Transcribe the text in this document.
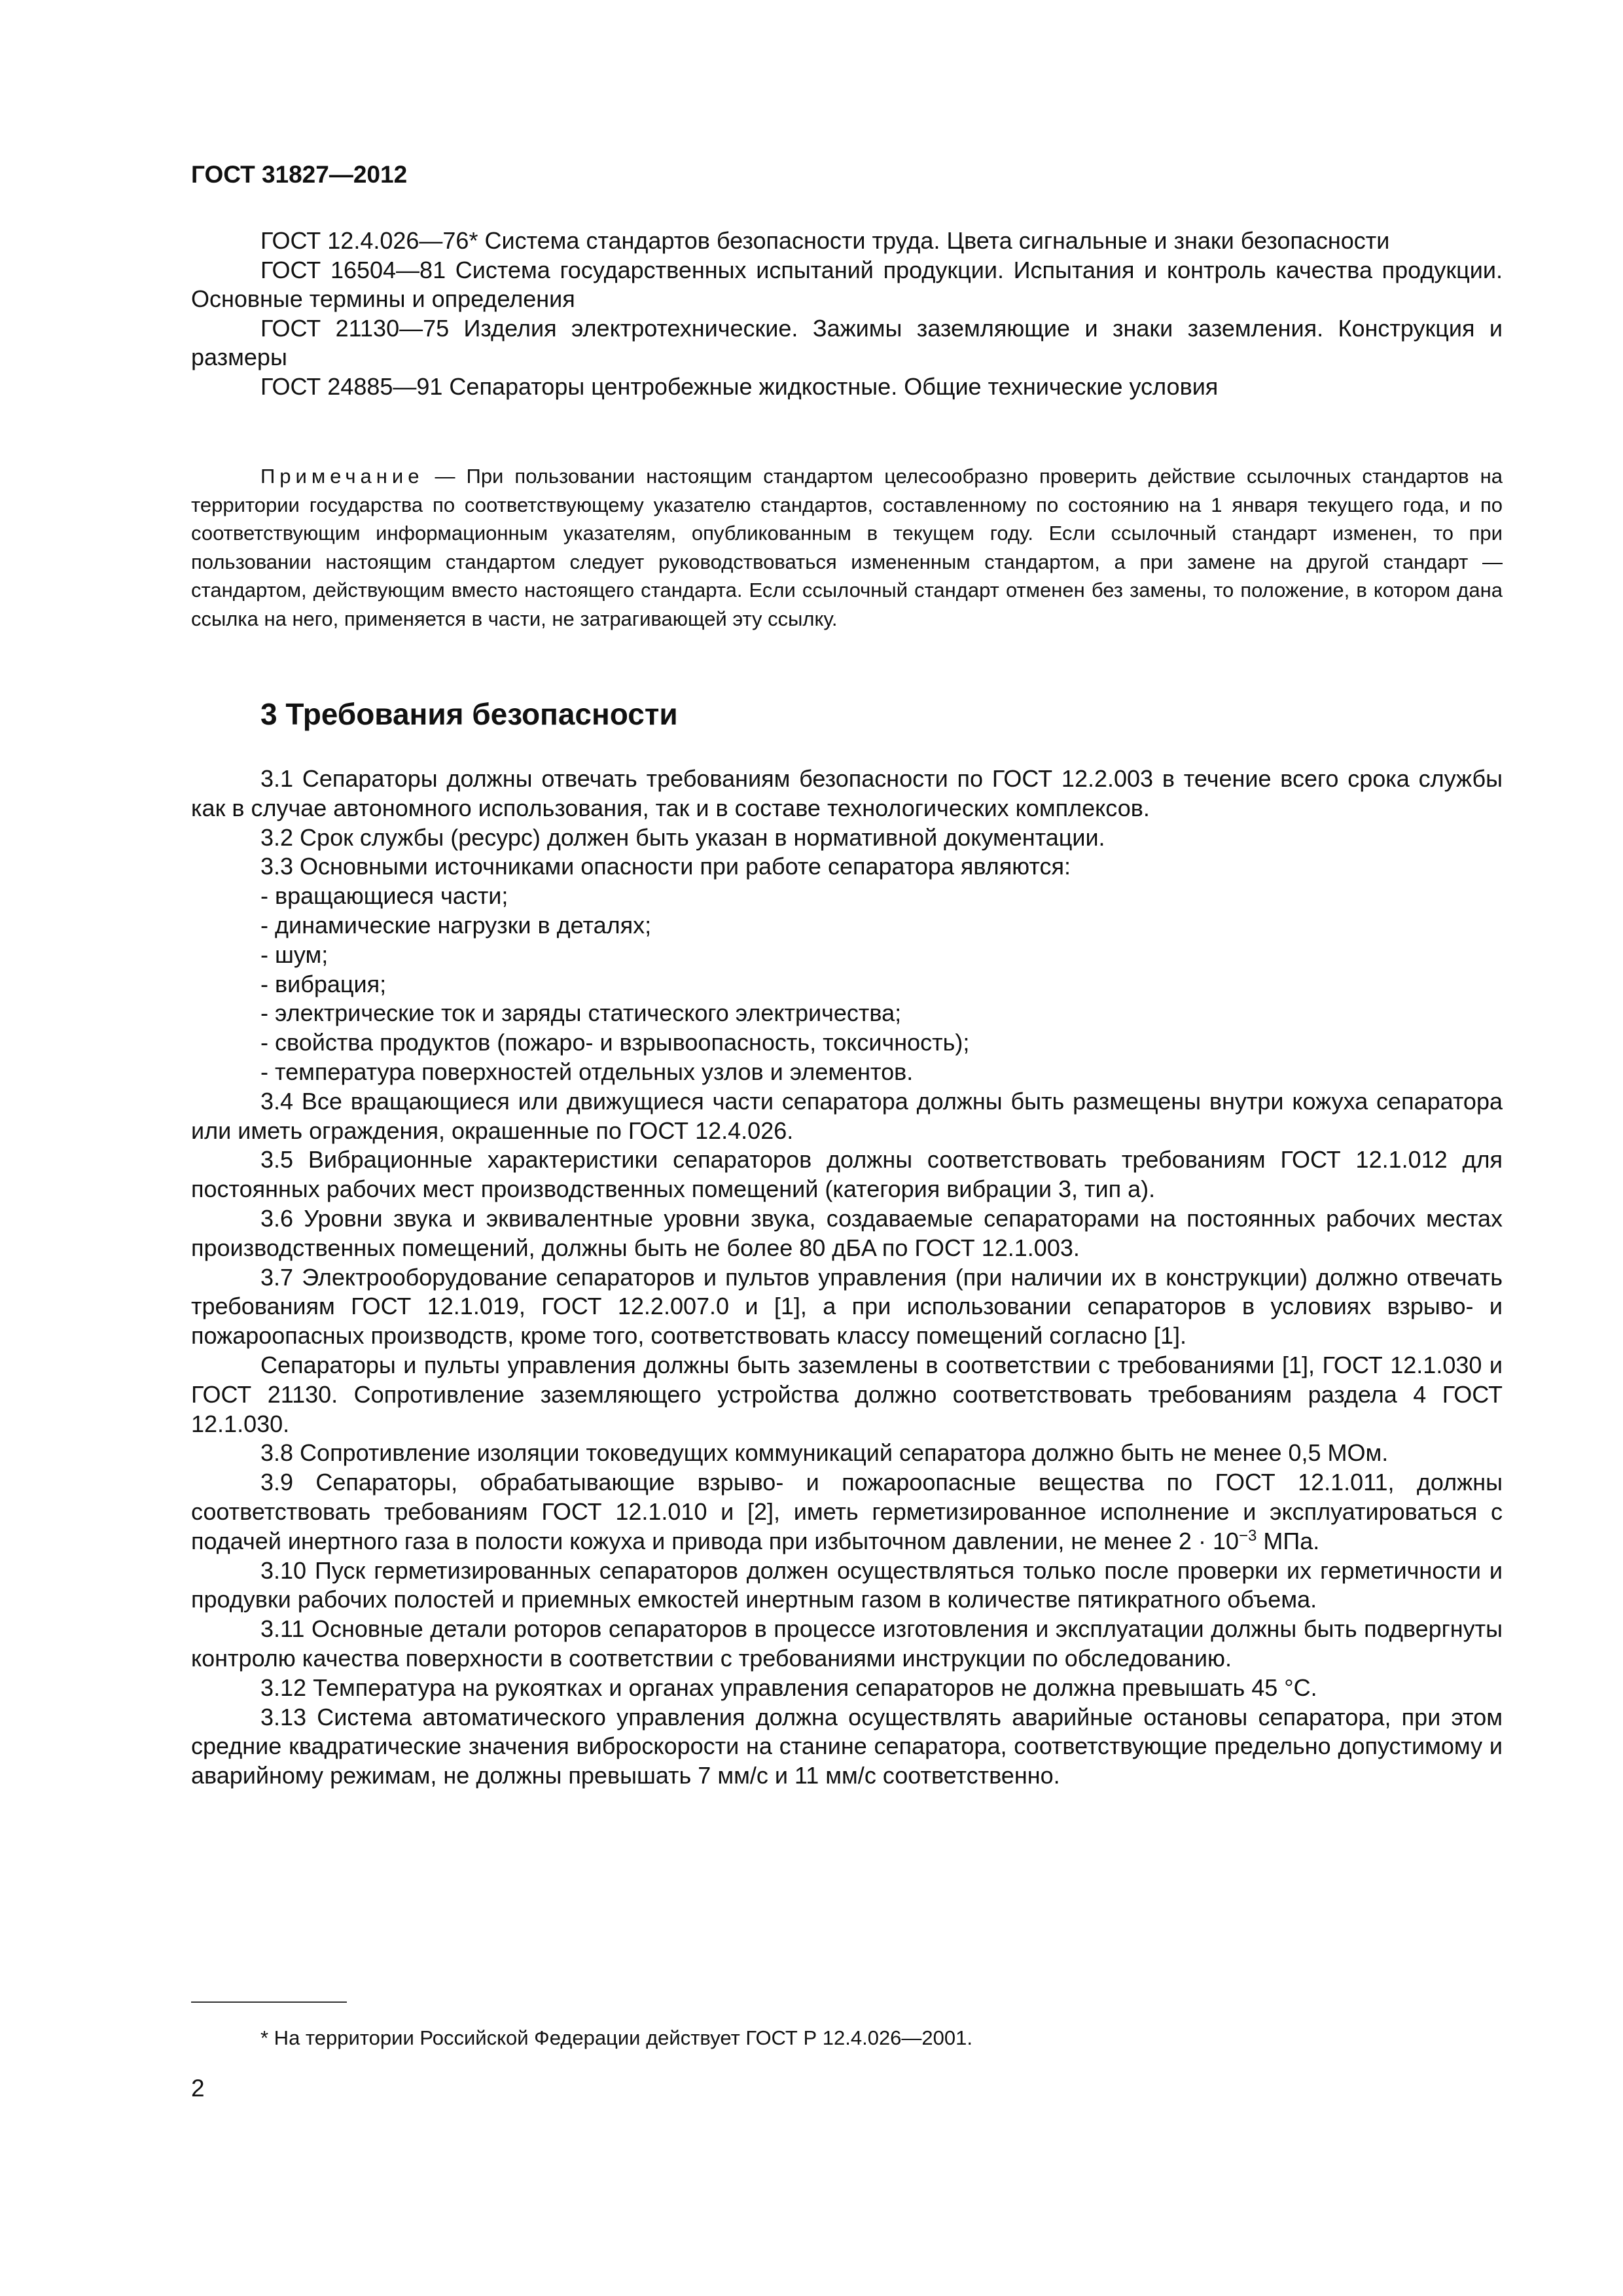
ГОСТ 31827—2012

ГОСТ 12.4.026—76* Система стандартов безопасности труда. Цвета сигнальные и знаки безопасности

ГОСТ 16504—81 Система государственных испытаний продукции. Испытания и контроль качества продукции. Основные термины и определения

ГОСТ 21130—75 Изделия электротехнические. Зажимы заземляющие и знаки заземления. Конструкция и размеры

ГОСТ 24885—91 Сепараторы центробежные жидкостные. Общие технические условия

Примечание — При пользовании настоящим стандартом целесообразно проверить действие ссылочных стандартов на территории государства по соответствующему указателю стандартов, составленному по состоянию на 1 января текущего года, и по соответствующим информационным указателям, опубликованным в текущем году. Если ссылочный стандарт изменен, то при пользовании настоящим стандартом следует руководствоваться измененным стандартом, а при замене на другой стандарт — стандартом, действующим вместо настоящего стандарта. Если ссылочный стандарт отменен без замены, то положение, в котором дана ссылка на него, применяется в части, не затрагивающей эту ссылку.

3 Требования безопасности

3.1 Сепараторы должны отвечать требованиям безопасности по ГОСТ 12.2.003 в течение всего срока службы как в случае автономного использования, так и в составе технологических комплексов.

3.2 Срок службы (ресурс) должен быть указан в нормативной документации.

3.3 Основными источниками опасности при работе сепаратора являются:

- вращающиеся части;

- динамические нагрузки в деталях;

- шум;

- вибрация;

- электрические ток и заряды статического электричества;

- свойства продуктов (пожаро- и взрывоопасность, токсичность);

- температура поверхностей отдельных узлов и элементов.

3.4 Все вращающиеся или движущиеся части сепаратора должны быть размещены внутри кожуха сепаратора или иметь ограждения, окрашенные по ГОСТ 12.4.026.

3.5 Вибрационные характеристики сепараторов должны соответствовать требованиям ГОСТ 12.1.012 для постоянных рабочих мест производственных помещений (категория вибрации 3, тип а).

3.6 Уровни звука и эквивалентные уровни звука, создаваемые сепараторами на постоянных рабочих местах производственных помещений, должны быть не более 80 дБA по ГОСТ 12.1.003.

3.7 Электрооборудование сепараторов и пультов управления (при наличии их в конструкции) должно отвечать требованиям ГОСТ 12.1.019, ГОСТ 12.2.007.0 и [1], а при использовании сепараторов в условиях взрыво- и пожароопасных производств, кроме того, соответствовать классу помещений согласно [1].

Сепараторы и пульты управления должны быть заземлены в соответствии с требованиями [1], ГОСТ 12.1.030 и ГОСТ 21130. Сопротивление заземляющего устройства должно соответствовать требованиям раздела 4 ГОСТ 12.1.030.

3.8 Сопротивление изоляции токоведущих коммуникаций сепаратора должно быть не менее 0,5 МОм.

3.9 Сепараторы, обрабатывающие взрыво- и пожароопасные вещества по ГОСТ 12.1.011, должны соответствовать требованиям ГОСТ 12.1.010 и [2], иметь герметизированное исполнение и эксплуатироваться с подачей инертного газа в полости кожуха и привода при избыточном давлении, не менее $2 \cdot 10^{-3}$ МПа.

3.10 Пуск герметизированных сепараторов должен осуществляться только после проверки их герметичности и продувки рабочих полостей и приемных емкостей инертным газом в количестве пятикратного объема.

3.11 Основные детали роторов сепараторов в процессе изготовления и эксплуатации должны быть подвергнуты контролю качества поверхности в соответствии с требованиями инструкции по обследованию.

3.12 Температура на рукоятках и органах управления сепараторов не должна превышать 45 °С.

3.13 Система автоматического управления должна осуществлять аварийные остановы сепаратора, при этом средние квадратические значения виброскорости на станине сепаратора, соответствующие предельно допустимому и аварийному режимам, не должны превышать 7 мм/с и 11 мм/с соответственно.

* На территории Российской Федерации действует ГОСТ Р 12.4.026—2001.
2
